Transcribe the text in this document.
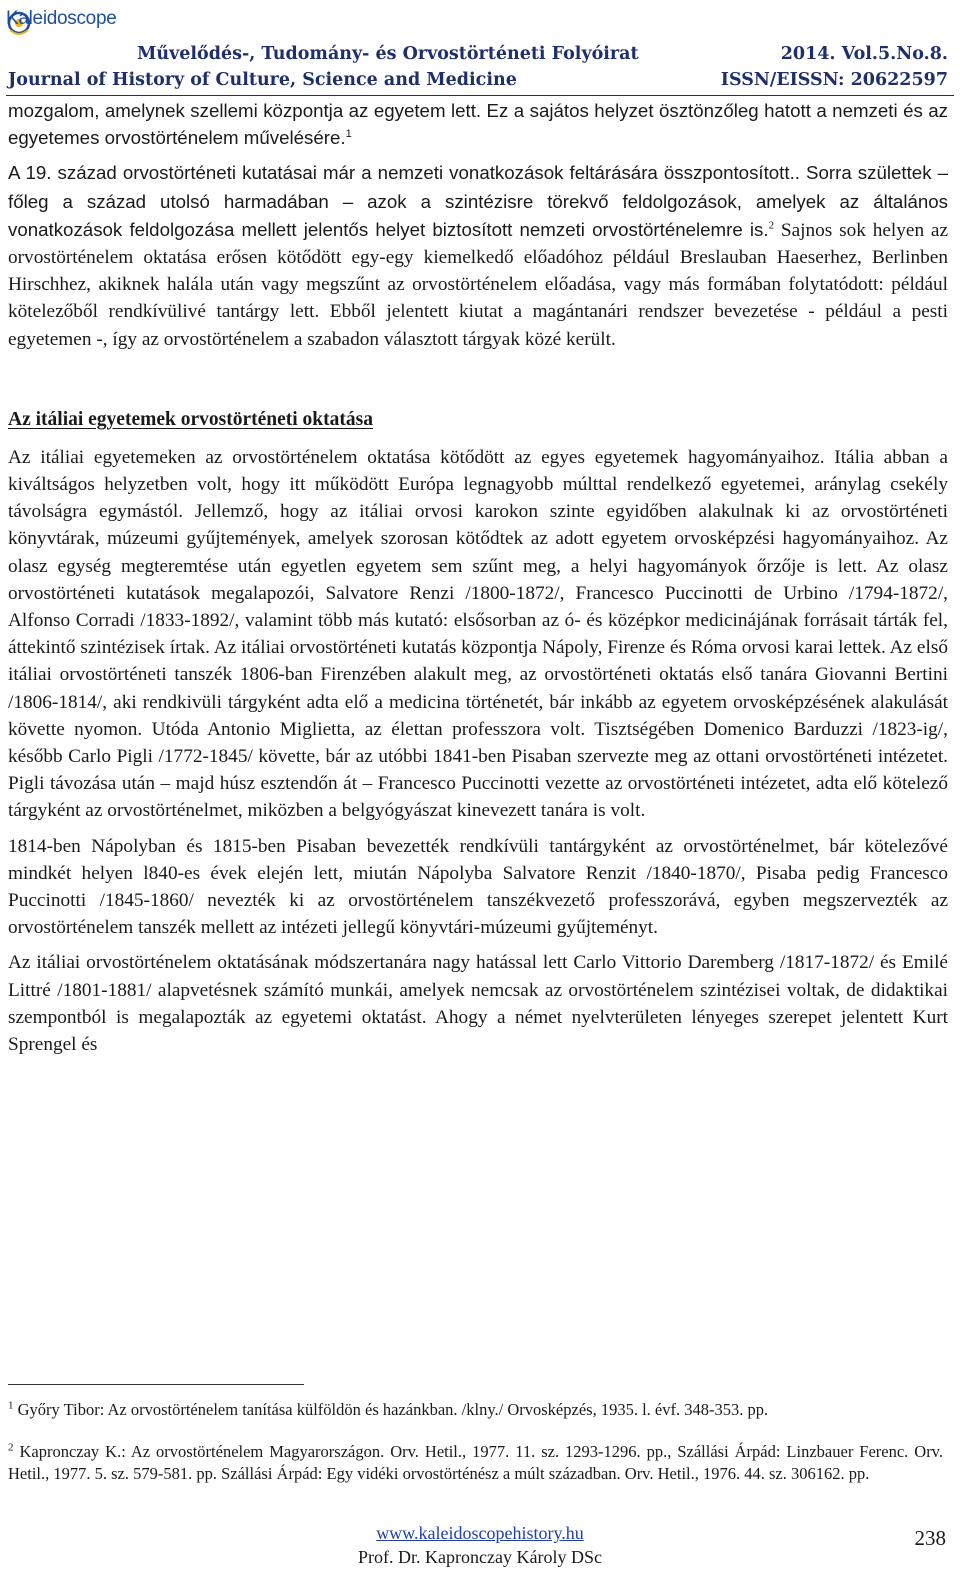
Kaleidoscope
Művelődés-, Tudomány- és Orvostörténeti Folyóirat	2014. Vol.5.No.8.
Journal of History of Culture, Science and Medicine	ISSN/EISSN: 20622597

mozgalom, amelynek szellemi központja az egyetem lett. Ez a sajátos helyzet ösztönzőleg hatott a nemzeti és az egyetemes orvostörténelem művelésére.$^1$

A 19. század orvostörténeti kutatásai már a nemzeti vonatkozások feltárására összpontosított.. Sorra születtek – főleg a század utolsó harmadában – azok a szintézisre törekvő feldolgozások, amelyek az általános vonatkozások feldolgozása mellett jelentős helyet biztosított nemzeti orvostörténelemre is.$^2$ Sajnos sok helyen az orvostörténelem oktatása erősen kötődött egy-egy kiemelkedő előadóhoz például Breslauban Haeserhez, Berlinben Hirschhez, akiknek halála után vagy megszűnt az orvostörténelem előadása, vagy más formában folytatódott: például kötelezőből rendkívülivé tantárgy lett. Ebből jelentett kiutat a magántanári rendszer bevezetése - például a pesti egyetemen -, így az orvostörténelem a szabadon választott tárgyak közé került.

Az itáliai egyetemek orvostörténeti oktatása

Az itáliai egyetemeken az orvostörténelem oktatása kötődött az egyes egyetemek hagyományaihoz. Itália abban a kiváltságos helyzetben volt, hogy itt működött Európa legnagyobb múlttal rendelkező egyetemei, aránylag csekély távolságra egymástól. Jellemző, hogy az itáliai orvosi karokon szinte egyidőben alakulnak ki az orvostörténeti könyvtárak, múzeumi gyűjtemények, amelyek szorosan kötődtek az adott egyetem orvosképzési hagyományaihoz. Az olasz egység megteremtése után egyetlen egyetem sem szűnt meg, a helyi hagyományok őrzője is lett. Az olasz orvostörténeti kutatások megalapozói, Salvatore Renzi /1800-1872/, Francesco Puccinotti de Urbino /1794-1872/, Alfonso Corradi /1833-1892/, valamint több más kutató: elsősorban az ó- és középkor medicinájának forrásait tárták fel, áttekintő szintézisek írtak. Az itáliai orvostörténeti kutatás központja Nápoly, Firenze és Róma orvosi karai lettek. Az első itáliai orvostörténeti tanszék 1806-ban Firenzében alakult meg, az orvostörténeti oktatás első tanára Giovanni Bertini /1806-1814/, aki rendkivüli tárgyként adta elő a medicina történetét, bár inkább az egyetem orvosképzésének alakulását követte nyomon. Utóda Antonio Miglietta, az élettan professzora volt. Tisztségében Domenico Barduzzi /1823-ig/, később Carlo Pigli /1772-1845/ követte, bár az utóbbi 1841-ben Pisaban szervezte meg az ottani orvostörténeti intézetet. Pigli távozása után – majd húsz esztendőn át – Francesco Puccinotti vezette az orvostörténeti intézetet, adta elő kötelező tárgyként az orvostörténelmet, miközben a belgyógyászat kinevezett tanára is volt.

1814-ben Nápolyban és 1815-ben Pisaban bevezették rendkívüli tantárgyként az orvostörténelmet, bár kötelezővé mindkét helyen l840-es évek elején lett, miután Nápolyba Salvatore Renzit /1840-1870/, Pisaba pedig Francesco Puccinotti /1845-1860/ nevezték ki az orvostörténelem tanszékvezető professzorává, egyben megszervezték az orvostörténelem tanszék mellett az intézeti jellegű könyvtári-múzeumi gyűjteményt.

Az itáliai orvostörténelem oktatásának módszertanára nagy hatással lett Carlo Vittorio Daremberg /1817-1872/ és Emilé Littré /1801-1881/ alapvetésnek számító munkái, amelyek nemcsak az orvostörténelem szintézisei voltak, de didaktikai szempontból is megalapozták az egyetemi oktatást. Ahogy a német nyelvterületen lényeges szerepet jelentett Kurt Sprengel és

$^1$ Győry Tibor: Az orvostörténelem tanítása külföldön és hazánkban. /klny./ Orvosképzés, 1935. l. évf. 348-353. pp.
$^2$ Kapronczay K.: Az orvostörténelem Magyarországon. Orv. Hetil., 1977. 11. sz. 1293-1296. pp., Szállási Árpád: Linzbauer Ferenc. Orv. Hetil., 1977. 5. sz. 579-581. pp. Szállási Árpád: Egy vidéki orvostörténész a múlt században. Orv. Hetil., 1976. 44. sz. 306162. pp.
www.kaleidoscopehistory.hu
Prof. Dr. Kapronczay Károly DSc
238
